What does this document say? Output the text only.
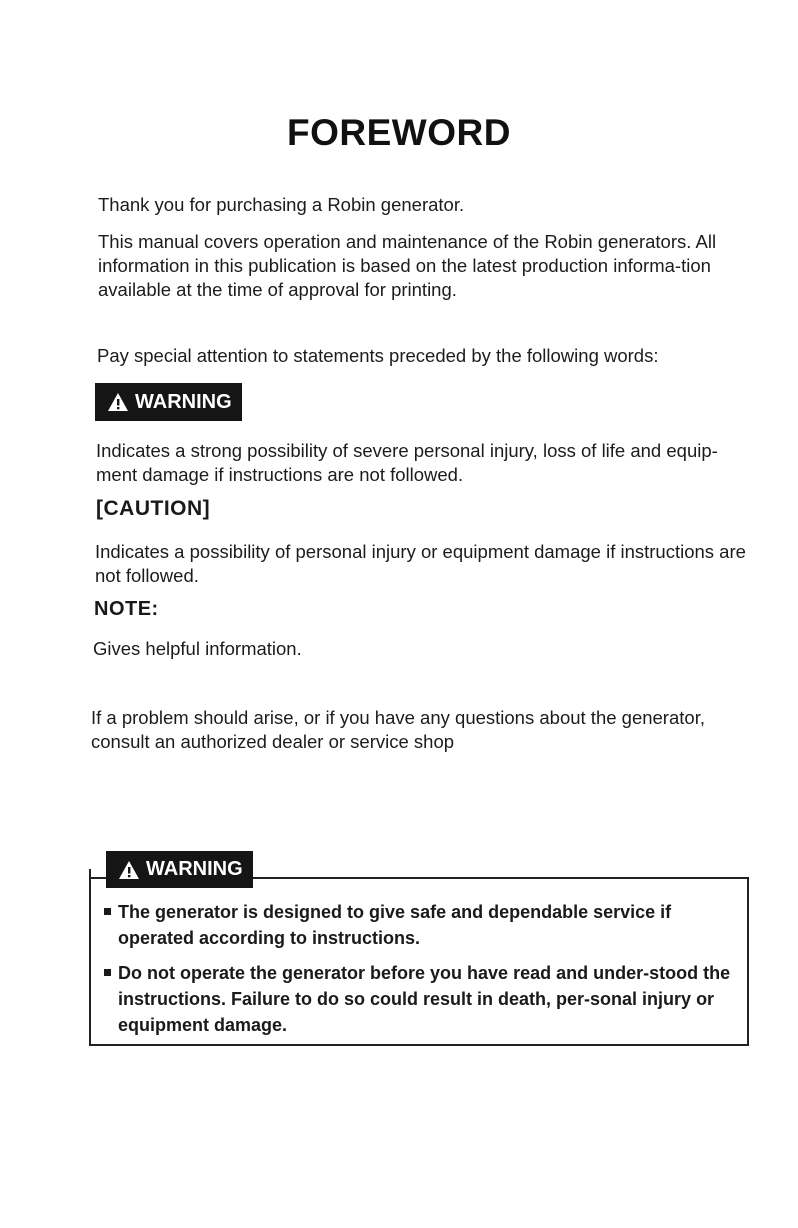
FOREWORD

Thank you for purchasing a Robin generator.

This manual covers operation and maintenance of the Robin generators. All information in this publication is based on the latest production informa-tion available at the time of approval for printing.

Pay special attention to statements preceded by the following words:

WARNING

Indicates a strong possibility of severe personal injury, loss of life and equip-ment damage if instructions are not followed.

[CAUTION]

Indicates a possibility of personal injury or equipment damage if instructions are not followed.

NOTE:

Gives helpful information.

If a problem should arise, or if you have any questions about the generator, consult an authorized dealer or service shop

WARNING
The generator is designed to give safe and dependable service if operated according to instructions.
Do not operate the generator before you have read and under-stood the instructions. Failure to do so could result in death, per-sonal injury or equipment damage.
